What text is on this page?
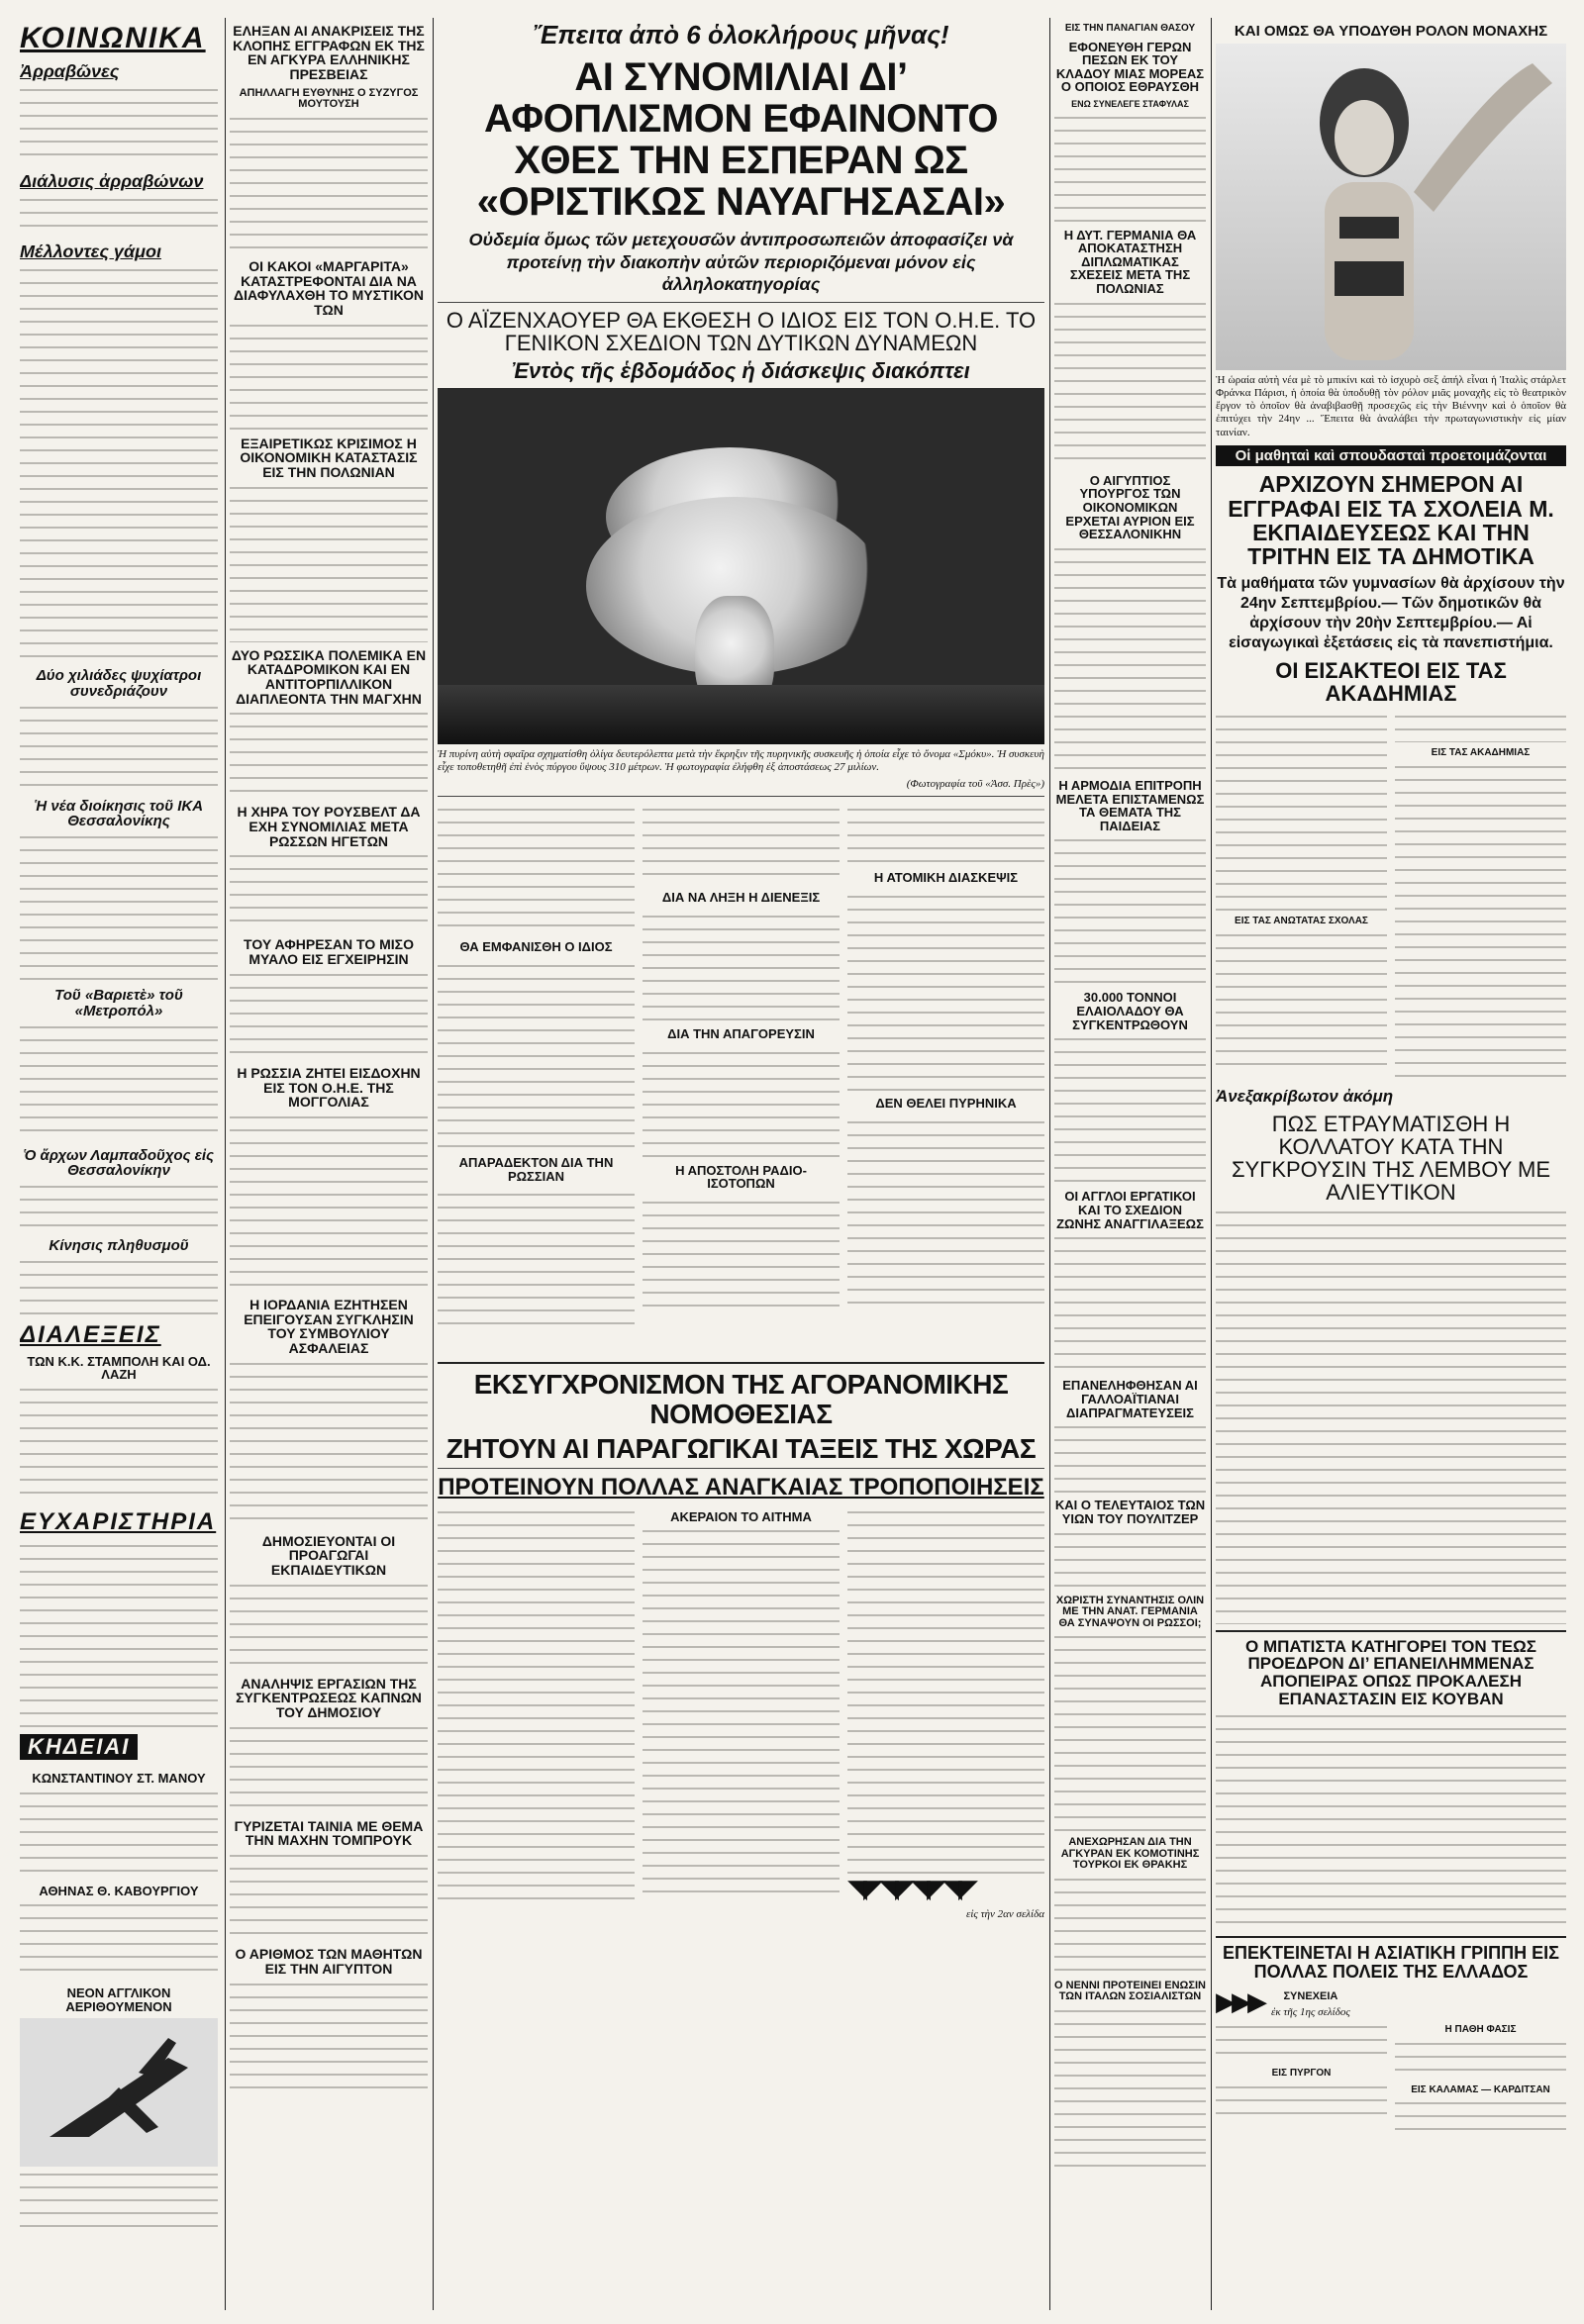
ΚΟΙΝΩΝΙΚΑ
Ἀρραβῶνες
Διάλυσις ἀρραβώνων
Μέλλοντες γάμοι
Δύο χιλιάδες ψυχίατροι συνεδριάζουν
Ἡ νέα διοίκησις τοῦ ΙΚΑ Θεσσαλονίκης
Τοῦ «Βαριετὲ» τοῦ «Μετροπόλ»
Ὁ ἄρχων Λαμπαδοῦχος εἰς Θεσσαλονίκην
Κίνησις πληθυσμοῦ
ΔΙΑΛΕΞΕΙΣ
ΤΩΝ Κ.Κ. ΣΤΑΜΠΟΛΗ ΚΑΙ ΟΔ. ΛΑΖΗ
ΕΥΧΑΡΙΣΤΗΡΙΑ
ΚΗΔΕΙΑΙ
ΚΩΝΣΤΑΝΤΙΝΟΥ ΣΤ. ΜΑΝΟΥ
ΑΘΗΝΑΣ Θ. ΚΑΒΟΥΡΓΙΟΥ
ΝΕΟΝ ΑΓΓΛΙΚΟΝ ΑΕΡΙΘΟΥΜΕΝΟΝ
ΕΛΗΞΑΝ ΑΙ ΑΝΑΚΡΙΣΕΙΣ ΤΗΣ ΚΛΟΠΗΣ ΕΓΓΡΑΦΩΝ ΕΚ ΤΗΣ ΕΝ ΑΓΚΥΡΑ ΕΛΛΗΝΙΚΗΣ ΠΡΕΣΒΕΙΑΣ
ΑΠΗΛΛΑΓΗ ΕΥΘΥΝΗΣ Ο ΣΥΖΥΓΟΣ ΜΟΥΤΟΥΣΗ
ΟΙ ΚΑΚΟΙ «ΜΑΡΓΑΡΙΤΑ» ΚΑΤΑΣΤΡΕΦΟΝΤΑΙ ΔΙΑ ΝΑ ΔΙΑΦΥΛΑΧΘΗ ΤΟ ΜΥΣΤΙΚΟΝ ΤΩΝ
ΕΞΑΙΡΕΤΙΚΩΣ ΚΡΙΣΙΜΟΣ Η ΟΙΚΟΝΟΜΙΚΗ ΚΑΤΑΣΤΑΣΙΣ ΕΙΣ ΤΗΝ ΠΟΛΩΝΙΑΝ
ΔΥΟ ΡΩΣΣΙΚΑ ΠΟΛΕΜΙΚΑ ΕΝ ΚΑΤΑΔΡΟΜΙΚΟΝ ΚΑΙ ΕΝ ΑΝΤΙΤΟΡΠΙΛΛΙΚΟΝ ΔΙΑΠΛΕΟΝΤΑ ΤΗΝ ΜΑΓΧΗΝ
Η ΧΗΡΑ ΤΟΥ ΡΟΥΣΒΕΛΤ ΔΑ ΕΧΗ ΣΥΝΟΜΙΛΙΑΣ ΜΕΤΑ ΡΩΣΣΩΝ ΗΓΕΤΩΝ
ΤΟΥ ΑΦΗΡΕΣΑΝ ΤΟ ΜΙΣΟ ΜΥΑΛΟ ΕΙΣ ΕΓΧΕΙΡΗΣΙΝ
Η ΡΩΣΣΙΑ ΖΗΤΕΙ ΕΙΣΔΟΧΗΝ ΕΙΣ ΤΟΝ Ο.Η.Ε. ΤΗΣ ΜΟΓΓΟΛΙΑΣ
Η ΙΟΡΔΑΝΙΑ ΕΖΗΤΗΣΕΝ ΕΠΕΙΓΟΥΣΑΝ ΣΥΓΚΛΗΣΙΝ ΤΟΥ ΣΥΜΒΟΥΛΙΟΥ ΑΣΦΑΛΕΙΑΣ
ΔΗΜΟΣΙΕΥΟΝΤΑΙ ΟΙ ΠΡΟΑΓΩΓΑΙ ΕΚΠΑΙΔΕΥΤΙΚΩΝ
ΑΝΑΛΗΨΙΣ ΕΡΓΑΣΙΩΝ ΤΗΣ ΣΥΓΚΕΝΤΡΩΣΕΩΣ ΚΑΠΝΩΝ ΤΟΥ ΔΗΜΟΣΙΟΥ
ΓΥΡΙΖΕΤΑΙ ΤΑΙΝΙΑ ΜΕ ΘΕΜΑ ΤΗΝ ΜΑΧΗΝ ΤΟΜΠΡΟΥΚ
Ο ΑΡΙΘΜΟΣ ΤΩΝ ΜΑΘΗΤΩΝ ΕΙΣ ΤΗΝ ΑΙΓΥΠΤΟΝ
Ἔπειτα ἀπὸ 6 ὁλοκλήρους μῆνας!
ΑΙ ΣΥΝΟΜΙΛΙΑΙ ΔΙ’ ΑΦΟΠΛΙΣΜΟΝ ΕΦΑΙΝΟΝΤΟ ΧΘΕΣ ΤΗΝ ΕΣΠΕΡΑΝ ΩΣ «ΟΡΙΣΤΙΚΩΣ ΝΑΥΑΓΗΣΑΣΑΙ»
Οὐδεμία ὅμως τῶν μετεχουσῶν ἀντιπροσωπειῶν ἀποφασίζει νὰ προτείνῃ τὴν διακοπὴν αὐτῶν περιοριζόμεναι μόνον εἰς ἀλληλοκατηγορίας
Ο ΑΪΖΕΝΧΑΟΥΕΡ ΘΑ ΕΚΘΕΣΗ Ο ΙΔΙΟΣ ΕΙΣ ΤΟΝ Ο.Η.Ε. ΤΟ ΓΕΝΙΚΟΝ ΣΧΕΔΙΟΝ ΤΩΝ ΔΥΤΙΚΩΝ ΔΥΝΑΜΕΩΝ
Ἐντὸς τῆς ἑβδομάδος ἡ διάσκεψις διακόπτει
Ἡ πυρίνη αὐτὴ σφαῖρα σχηματίσθη ὀλίγα δευτερόλεπτα μετὰ τὴν ἔκρηξιν τῆς πυρηνικῆς συσκευῆς ἡ ὁποία εἶχε τὸ ὄνομα «Σμόκυ». Ἡ συσκευὴ εἶχε τοποθετηθῆ ἐπὶ ἑνὸς πύργου ὕψους 310 μέτρων. Ἡ φωτογραφία ἐλήφθη ἐξ ἀποστάσεως 27 μιλίων.
(Φωτογραφία τοῦ «Ἀσσ. Πρὲς»)
ΘΑ ΕΜΦΑΝΙΣΘΗ Ο ΙΔΙΟΣ
ΑΠΑΡΑΔΕΚΤΟΝ ΔΙΑ ΤΗΝ ΡΩΣΣΙΑΝ
ΔΙΑ ΝΑ ΛΗΞΗ Η ΔΙΕΝΕΞΙΣ
ΔΙΑ ΤΗΝ ΑΠΑΓΟΡΕΥΣΙΝ
Η ΑΠΟΣΤΟΛΗ ΡΑΔΙΟ-ΙΣΟΤΟΠΩΝ
Η ΑΤΟΜΙΚΗ ΔΙΑΣΚΕΨΙΣ
ΔΕΝ ΘΕΛΕΙ ΠΥΡΗΝΙΚΑ
ΕΚΣΥΓΧΡΟΝΙΣΜΟΝ ΤΗΣ ΑΓΟΡΑΝΟΜΙΚΗΣ ΝΟΜΟΘΕΣΙΑΣ
ΖΗΤΟΥΝ ΑΙ ΠΑΡΑΓΩΓΙΚΑΙ ΤΑΞΕΙΣ ΤΗΣ ΧΩΡΑΣ
ΠΡΟΤΕΙΝΟΥΝ ΠΟΛΛΑΣ ΑΝΑΓΚΑΙΑΣ ΤΡΟΠΟΠΟΙΗΣΕΙΣ
ΑΚΕΡΑΙΟΝ ΤΟ ΑΙΤΗΜΑ
◥◤◥◤◥◤◥◤
εἰς τὴν 2αν σελίδα
ΕΙΣ ΤΗΝ ΠΑΝΑΓΙΑΝ ΘΑΣΟΥ
ΕΦΟΝΕΥΘΗ ΓΕΡΩΝ ΠΕΣΩΝ ΕΚ ΤΟΥ ΚΛΑΔΟΥ ΜΙΑΣ ΜΟΡΕΑΣ Ο ΟΠΟΙΟΣ ΕΘΡΑΥΣΘΗ
ΕΝΩ ΣΥΝΕΛΕΓΕ ΣΤΑΦΥΛΑΣ
Η ΔΥΤ. ΓΕΡΜΑΝΙΑ ΘΑ ΑΠΟΚΑΤΑΣΤΗΣΗ ΔΙΠΛΩΜΑΤΙΚΑΣ ΣΧΕΣΕΙΣ ΜΕΤΑ ΤΗΣ ΠΟΛΩΝΙΑΣ
Ο ΑΙΓΥΠΤΙΟΣ ΥΠΟΥΡΓΟΣ ΤΩΝ ΟΙΚΟΝΟΜΙΚΩΝ ΕΡΧΕΤΑΙ ΑΥΡΙΟΝ ΕΙΣ ΘΕΣΣΑΛΟΝΙΚΗΝ
Η ΑΡΜΟΔΙΑ ΕΠΙΤΡΟΠΗ ΜΕΛΕΤΑ ΕΠΙΣΤΑΜΕΝΩΣ ΤΑ ΘΕΜΑΤΑ ΤΗΣ ΠΑΙΔΕΙΑΣ
30.000 ΤΟΝΝΟΙ ΕΛΑΙΟΛΑΔΟΥ ΘΑ ΣΥΓΚΕΝΤΡΩΘΟΥΝ
ΟΙ ΑΓΓΛΟΙ ΕΡΓΑΤΙΚΟΙ ΚΑΙ ΤΟ ΣΧΕΔΙΟΝ ΖΩΝΗΣ ΑΝΑΓΓΙΛΑΞΕΩΣ
ΕΠΑΝΕΛΗΦΘΗΣΑΝ ΑΙ ΓΑΛΛΟΑΪΤΙΑΝΑΙ ΔΙΑΠΡΑΓΜΑΤΕΥΣΕΙΣ
ΚΑΙ Ο ΤΕΛΕΥΤΑΙΟΣ ΤΩΝ ΥΙΩΝ ΤΟΥ ΠΟΥΛΙΤΖΕΡ
ΧΩΡΙΣΤΗ ΣΥΝΑΝΤΗΣΙΣ ΟΛΙΝ ΜΕ ΤΗΝ ΑΝΑΤ. ΓΕΡΜΑΝΙΑ ΘΑ ΣΥΝΑΨΟΥΝ ΟΙ ΡΩΣΣΟΙ;
ΑΝΕΧΩΡΗΣΑΝ ΔΙΑ ΤΗΝ ΑΓΚΥΡΑΝ ΕΚ ΚΟΜΟΤΙΝΗΣ ΤΟΥΡΚΟΙ ΕΚ ΘΡΑΚΗΣ
Ο ΝΕΝΝΙ ΠΡΟΤΕΙΝΕΙ ΕΝΩΣΙΝ ΤΩΝ ΙΤΑΛΩΝ ΣΟΣΙΑΛΙΣΤΩΝ
ΚΑΙ ΟΜΩΣ ΘΑ ΥΠΟΔΥΘΗ ΡΟΛΟΝ ΜΟΝΑΧΗΣ
Ἡ ὡραία αὐτὴ νέα μὲ τὸ μπικίνι καὶ τὸ ἰσχυρὸ σεξ ἀπήλ εἶναι ἡ Ἰταλὶς στάρλετ Φράνκα Πάρισι, ἡ ὁποία θὰ ὑποδυθῇ τὸν ρόλον μιᾶς μοναχῆς εἰς τὸ θεατρικὸν ἔργον τὸ ὁποῖον θὰ ἀναβιβασθῇ προσεχῶς εἰς τὴν Βιέννην καὶ ὁ ὁποῖον θὰ ἐπιτύχει τὴν 24ην ... Ἔπειτα θὰ ἀναλάβει τὴν πρωταγωνιστικὴν εἰς μίαν ταινίαν.
Οἱ μαθηταὶ καὶ σπουδασταὶ προετοιμάζονται
ΑΡΧΙΖΟΥΝ ΣΗΜΕΡΟΝ ΑΙ ΕΓΓΡΑΦΑΙ ΕΙΣ ΤΑ ΣΧΟΛΕΙΑ Μ. ΕΚΠΑΙΔΕΥΣΕΩΣ ΚΑΙ ΤΗΝ ΤΡΙΤΗΝ ΕΙΣ ΤΑ ΔΗΜΟΤΙΚΑ
Τὰ μαθήματα τῶν γυμνασίων θὰ ἀρχίσουν τὴν 24ην Σεπτεμβρίου.— Τῶν δημοτικῶν θὰ ἀρχίσουν τὴν 20ὴν Σεπτεμβρίου.— Αἱ εἰσαγωγικαὶ ἐξετάσεις εἰς τὰ πανεπιστήμια.
ΟΙ ΕΙΣΑΚΤΕΟΙ ΕΙΣ ΤΑΣ ΑΚΑΔΗΜΙΑΣ
ΕΙΣ ΤΑΣ ΑΝΩΤΑΤΑΣ ΣΧΟΛΑΣ
ΕΙΣ ΤΑΣ ΑΚΑΔΗΜΙΑΣ
Ἀνεξακρίβωτον ἀκόμη
ΠΩΣ ΕΤΡΑΥΜΑΤΙΣΘΗ Η ΚΟΛΛΑΤΟΥ ΚΑΤΑ ΤΗΝ ΣΥΓΚΡΟΥΣΙΝ ΤΗΣ ΛΕΜΒΟΥ ΜΕ ΑΛΙΕΥΤΙΚΟΝ
Ο ΜΠΑΤΙΣΤΑ ΚΑΤΗΓΟΡΕΙ ΤΟΝ ΤΕΩΣ ΠΡΟΕΔΡΟΝ ΔΙ’ ΕΠΑΝΕΙΛΗΜΜΕΝΑΣ ΑΠΟΠΕΙΡΑΣ ΟΠΩΣ ΠΡΟΚΑΛΕΣΗ ΕΠΑΝΑΣΤΑΣΙΝ ΕΙΣ ΚΟΥΒΑΝ
ΕΠΕΚΤΕΙΝΕΤΑΙ Η ΑΣΙΑΤΙΚΗ ΓΡΙΠΠΗ ΕΙΣ ΠΟΛΛΑΣ ΠΟΛΕΙΣ ΤΗΣ ΕΛΛΑΔΟΣ
▶▶▶	ΣΥΝΕΧΕΙΑ
ἐκ τῆς 1ης σελίδος
ΕΙΣ ΠΥΡΓΟΝ
Η ΠΑΘΗ ΦΑΣΙΣ
ΕΙΣ ΚΑΛΑΜΑΣ — ΚΑΡΔΙΤΣΑΝ
